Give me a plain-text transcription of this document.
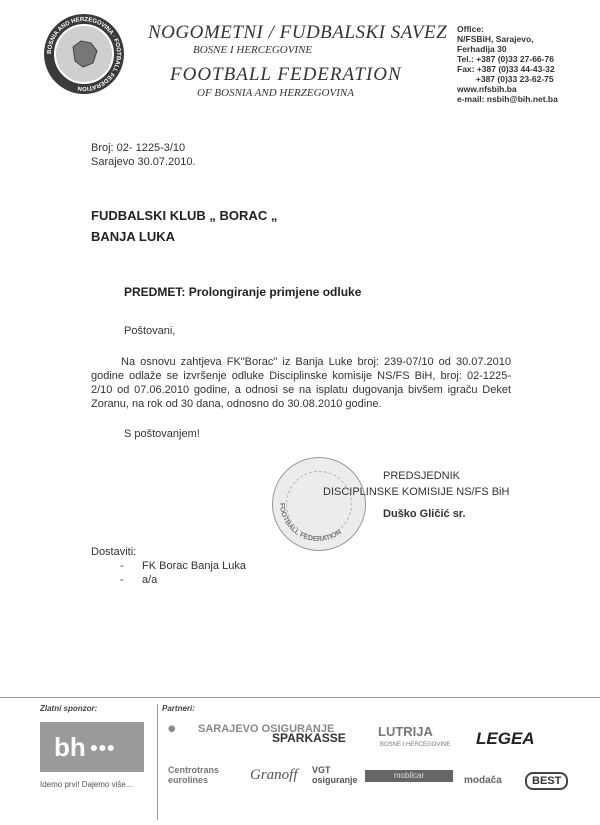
BOSNIA AND HERZEGOVINA · FOOTBALL FEDERATION
NOGOMETNI / FUDBALSKI SAVEZ
BOSNE I HERCEGOVINE
FOOTBALL FEDERATION
OF BOSNIA AND HERZEGOVINA
Office:
N/FSBiH, Sarajevo,
Ferhadija 30
Tel.: +387 (0)33 27-66-76
Fax: +387 (0)33 44-43-32
+387 (0)33 23-62-75
www.nfsbih.ba
e-mail: nsbih@bih.net.ba
Broj: 02- 1225-3/10
Sarajevo 30.07.2010.
FUDBALSKI KLUB „ BORAC „
BANJA LUKA
PREDMET: Prolongiranje primjene odluke
Poštovani,
Na osnovu zahtjeva FK"Borac" iz Banja Luke broj: 239-07/10 od 30.07.2010 godine odlaže se izvršenje odluke Disciplinske komisije NS/FS BiH, broj: 02-1225-2/10 od 07.06.2010 godine, a odnosi se na isplatu dugovanja bivšem igraču Deket Zoranu, na rok od 30 dana, odnosno do 30.08.2010 godine.
S poštovanjem!
FOOTBALL FEDERATION
PREDSJEDNIK
DISCIPLINSKE KOMISIJE NS/FS BiH
Duško Gličić sr.
Dostaviti:
-      FK Borac Banja Luka
-      a/a
Zlatni sponzor:
bh ●●●
Idemo prvi! Dajemo više...
Partneri:
✺ SARAJEVO OSIGURANJE
SPARKASSE LUTRIJA
BOSNE I HERCEGOVINE LEGEA
Centrotrans eurolines	Granoff VGT osiguranje	mobilcar	modača	BEST
